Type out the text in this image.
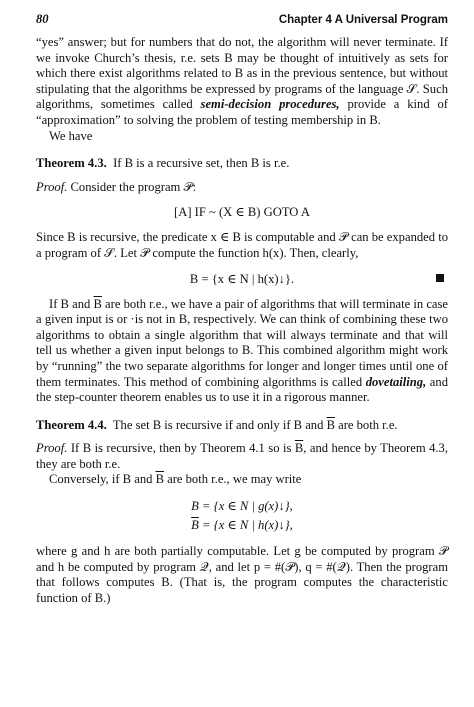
80	Chapter 4 A Universal Program

“yes” answer; but for numbers that do not, the algorithm will never terminate. If we invoke Church’s thesis, r.e. sets B may be thought of intuitively as sets for which there exist algorithms related to B as in the previous sentence, but without stipulating that the algorithms be expressed by programs of the language 𝒮. Such algorithms, sometimes called semi-decision procedures, provide a kind of “approximation” to solving the problem of testing membership in B.

We have

Theorem 4.3. If B is a recursive set, then B is r.e.

Proof. Consider the program 𝒫:

[A] IF ~ (X ∈ B) GOTO A

Since B is recursive, the predicate x ∈ B is computable and 𝒫 can be expanded to a program of 𝒮. Let 𝒫 compute the function h(x). Then, clearly,

B = {x ∈ N | h(x)↓}.

If B and $\overline{B}$ are both r.e., we have a pair of algorithms that will terminate in case a given input is or ·is not in B, respectively. We can think of combining these two algorithms to obtain a single algorithm that will always terminate and that will tell us whether a given input belongs to B. This combined algorithm might work by “running” the two separate algorithms for longer and longer times until one of them terminates. This method of combining algorithms is called dovetailing, and the step-counter theorem enables us to use it in a rigorous manner.

Theorem 4.4. The set B is recursive if and only if B and $\overline{B}$ are both r.e.

Proof. If B is recursive, then by Theorem 4.1 so is $\overline{B}$, and hence by Theorem 4.3, they are both r.e.

Conversely, if B and $\overline{B}$ are both r.e., we may write

B = {x ∈ N | g(x)↓},
$\overline{B} = \{x$ ∈ N | h(x)↓},

where g and h are both partially computable. Let g be computed by program 𝒫 and h be computed by program 𝒬, and let p = #(𝒫), q = #(𝒬). Then the program that follows computes B. (That is, the program computes the characteristic function of B.)
